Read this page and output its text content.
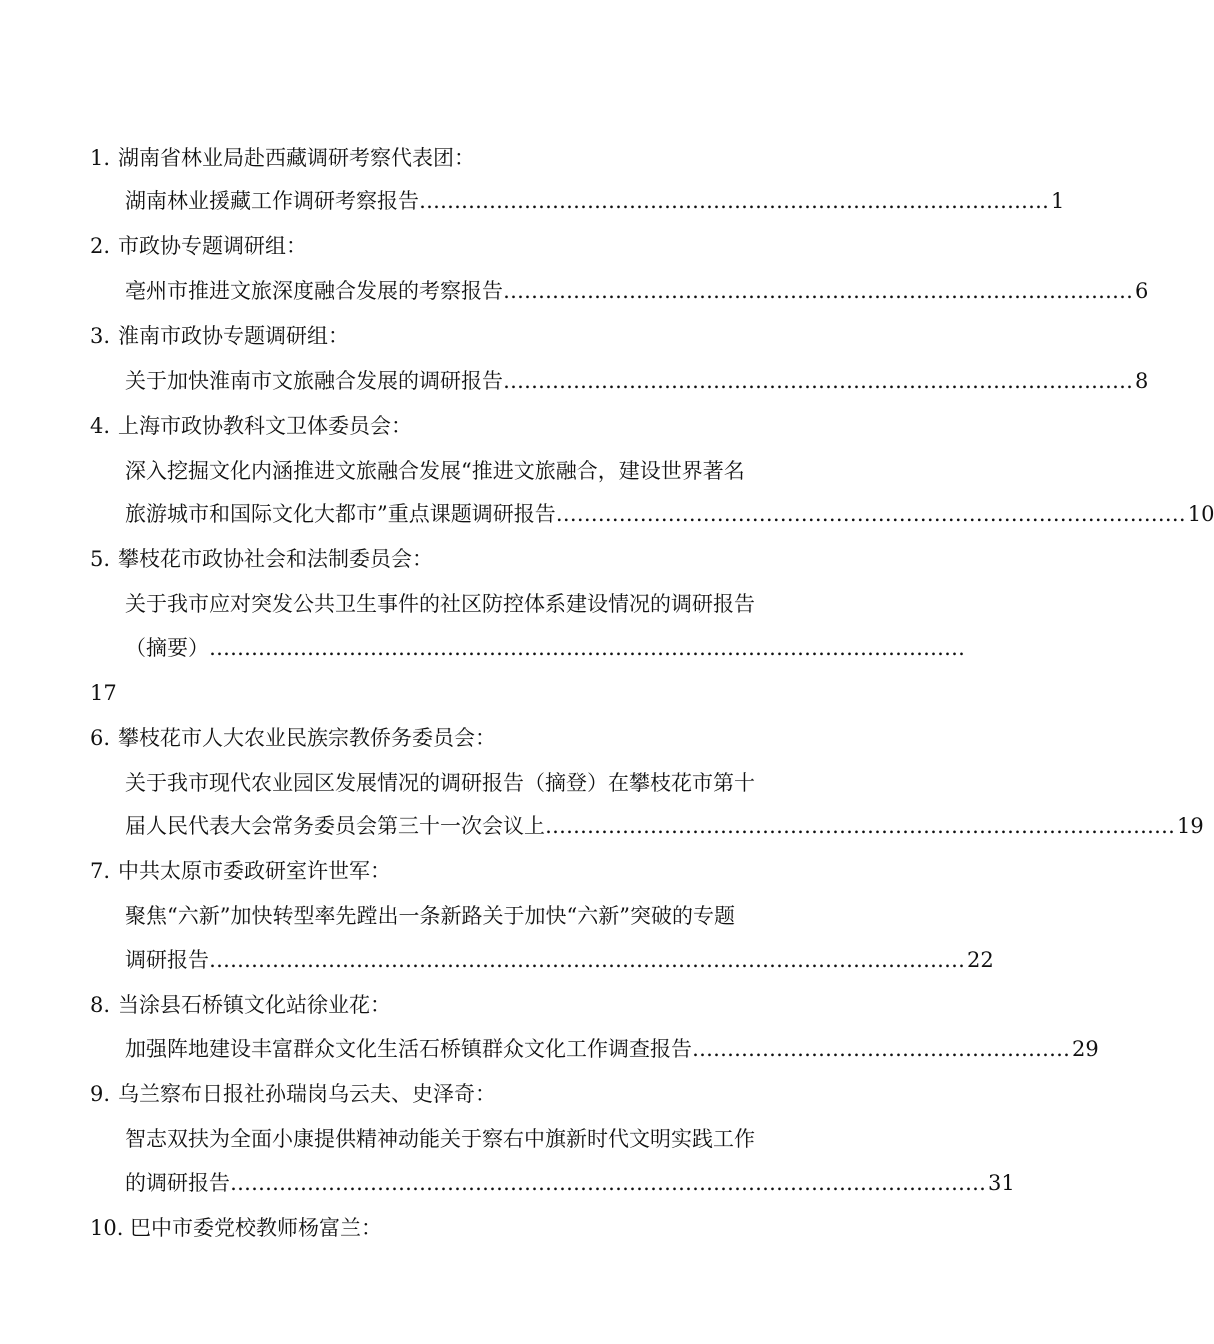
1. 湖南省林业局赴西藏调研考察代表团：
湖南林业援藏工作调研考察报告 ……………………………………………………………………………… 1
2. 市政协专题调研组：
亳州市推进文旅深度融合发展的考察报告 ……………………………………………………………………………… 6
3. 淮南市政协专题调研组：
关于加快淮南市文旅融合发展的调研报告 ……………………………………………………………………………… 8
4. 上海市政协教科文卫体委员会：
深入挖掘文化内涵推进文旅融合发展“推进文旅融合，建设世界著名
旅游城市和国际文化大都市”重点课题调研报告 ……………………………………………………………………………… 10
5. 攀枝花市政协社会和法制委员会：
关于我市应对突发公共卫生事件的社区防控体系建设情况的调研报告
（摘要） ………………………………………………………………………………………………
17
6. 攀枝花市人大农业民族宗教侨务委员会：
关于我市现代农业园区发展情况的调研报告（摘登）在攀枝花市第十
届人民代表大会常务委员会第三十一次会议上 ……………………………………………………………………………… 19
7. 中共太原市委政研室许世军：
聚焦“六新”加快转型率先蹚出一条新路关于加快“六新”突破的专题
调研报告 ……………………………………………………………………………………………… 22
8. 当涂县石桥镇文化站徐业花：
加强阵地建设丰富群众文化生活石桥镇群众文化工作调查报告 ……………………………………………… 29
9. 乌兰察布日报社孙瑞岗乌云夫、史泽奇：
智志双扶为全面小康提供精神动能关于察右中旗新时代文明实践工作
的调研报告 ……………………………………………………………………………………………… 31
10. 巴中市委党校教师杨富兰：
